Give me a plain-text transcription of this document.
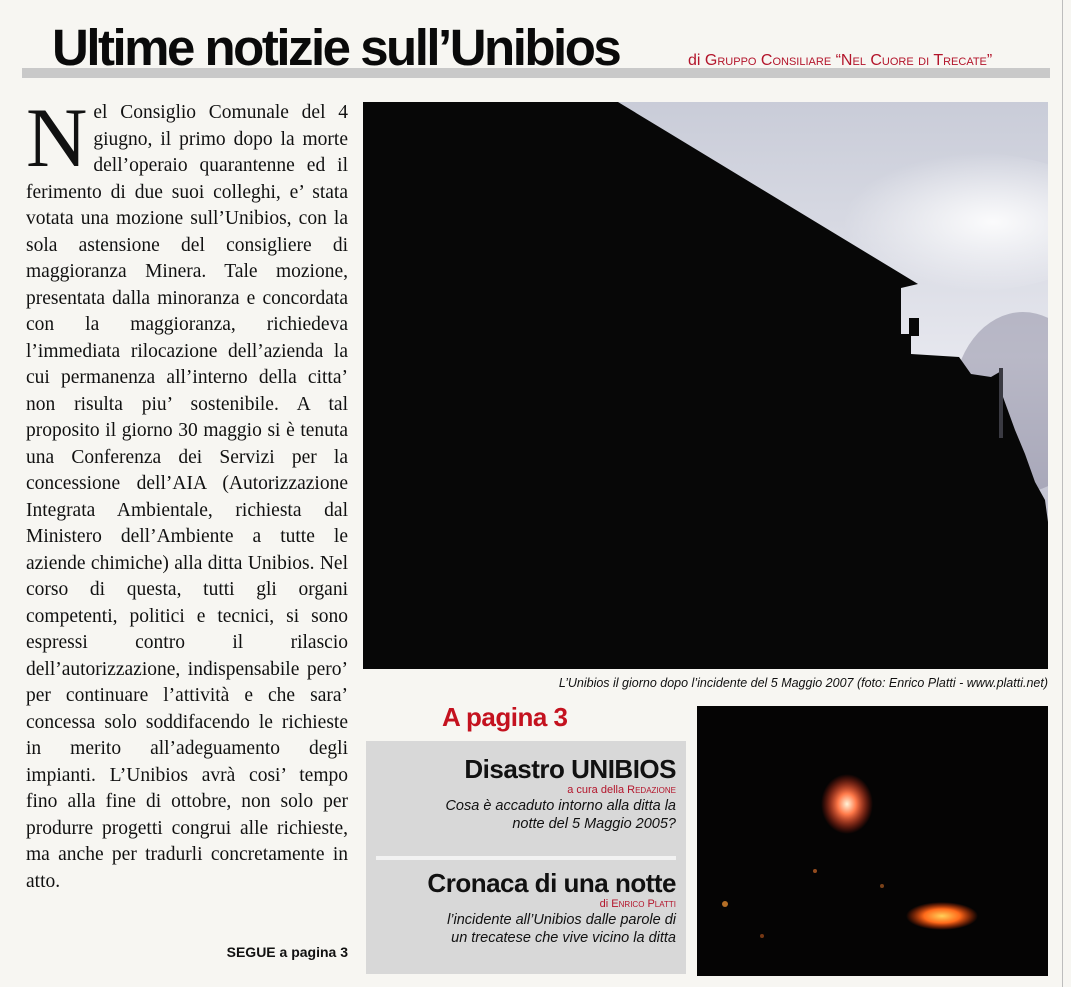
Ultime notizie sull’Unibios	di Gruppo Consiliare “Nel Cuore di Trecate”
Nel Consiglio Comunale del 4 giugno, il primo dopo la morte dell’operaio quarantenne ed il ferimento di due suoi colleghi, e’ stata votata una mozione sull’Unibios, con la sola astensione del consigliere di maggioranza Minera. Tale mozione, presentata dalla minoranza e concordata con la maggioranza, richiedeva l’immediata rilocazione dell’azienda la cui permanenza all’interno della citta’ non risulta piu’ sostenibile. A tal proposito il giorno 30 maggio si è tenuta una Conferenza dei Servizi per la concessione dell’AIA (Autorizzazione Integrata Ambientale, richiesta dal Ministero dell’Ambiente a tutte le aziende chimiche) alla ditta Unibios. Nel corso di questa, tutti gli organi competenti, politici e tecnici, si sono espressi contro il rilascio dell’autorizzazione, indispensabile pero’ per continuare l’attività e che sara’ concessa solo soddifacendo le richieste in merito all’adeguamento degli impianti. L’Unibios avrà cosi’ tempo fino alla fine di ottobre, non solo per produrre progetti congrui alle richieste, ma anche per tradurli concretamente in atto.
SEGUE a pagina 3
L’Unibios il giorno dopo l’incidente del 5 Maggio 2007 (foto: Enrico Platti - www.platti.net)
A pagina 3
Disastro UNIBIOS
a cura della Redazione
Cosa è accaduto intorno alla ditta la
notte del 5 Maggio 2005?
Cronaca di una notte
di Enrico Platti
l’incidente all’Unibios dalle parole di
un trecatese che vive vicino la ditta
